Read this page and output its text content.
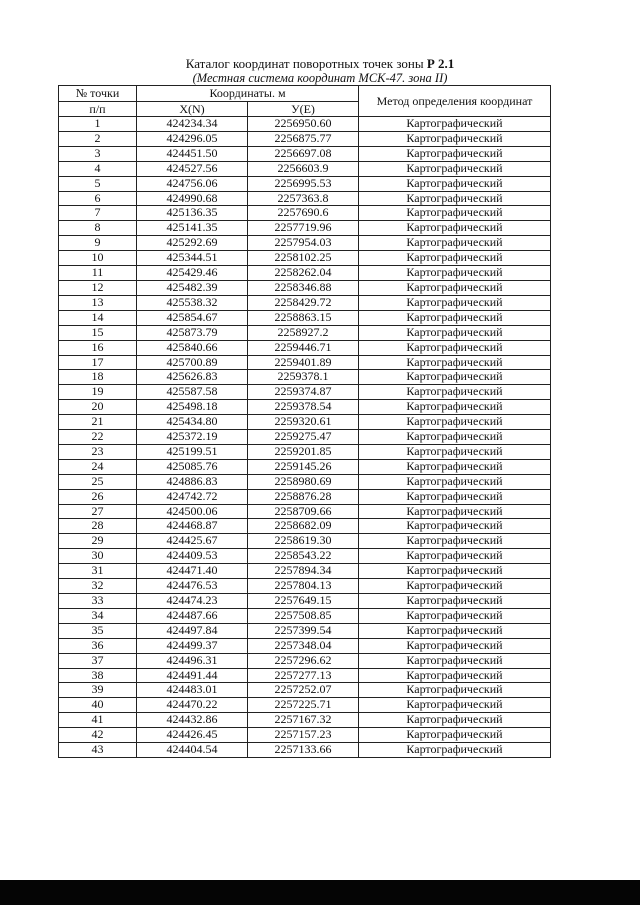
Каталог координат поворотных точек зоны Р 2.1
(Местная система координат МСК-47. зона II)
№ точки	Координаты. м		Метод определения координат
п/п	X(N)	У(Е)	
1	424234.34	2256950.60	Картографический
2	424296.05	2256875.77	Картографический
3	424451.50	2256697.08	Картографический
4	424527.56	2256603.9	Картографический
5	424756.06	2256995.53	Картографический
6	424990.68	2257363.8	Картографический
7	425136.35	2257690.6	Картографический
8	425141.35	2257719.96	Картографический
9	425292.69	2257954.03	Картографический
10	425344.51	2258102.25	Картографический
11	425429.46	2258262.04	Картографический
12	425482.39	2258346.88	Картографический
13	425538.32	2258429.72	Картографический
14	425854.67	2258863.15	Картографический
15	425873.79	2258927.2	Картографический
16	425840.66	2259446.71	Картографический
17	425700.89	2259401.89	Картографический
18	425626.83	2259378.1	Картографический
19	425587.58	2259374.87	Картографический
20	425498.18	2259378.54	Картографический
21	425434.80	2259320.61	Картографический
22	425372.19	2259275.47	Картографический
23	425199.51	2259201.85	Картографический
24	425085.76	2259145.26	Картографический
25	424886.83	2258980.69	Картографический
26	424742.72	2258876.28	Картографический
27	424500.06	2258709.66	Картографический
28	424468.87	2258682.09	Картографический
29	424425.67	2258619.30	Картографический
30	424409.53	2258543.22	Картографический
31	424471.40	2257894.34	Картографический
32	424476.53	2257804.13	Картографический
33	424474.23	2257649.15	Картографический
34	424487.66	2257508.85	Картографический
35	424497.84	2257399.54	Картографический
36	424499.37	2257348.04	Картографический
37	424496.31	2257296.62	Картографический
38	424491.44	2257277.13	Картографический
39	424483.01	2257252.07	Картографический
40	424470.22	2257225.71	Картографический
41	424432.86	2257167.32	Картографический
42	424426.45	2257157.23	Картографический
43	424404.54	2257133.66	Картографический
